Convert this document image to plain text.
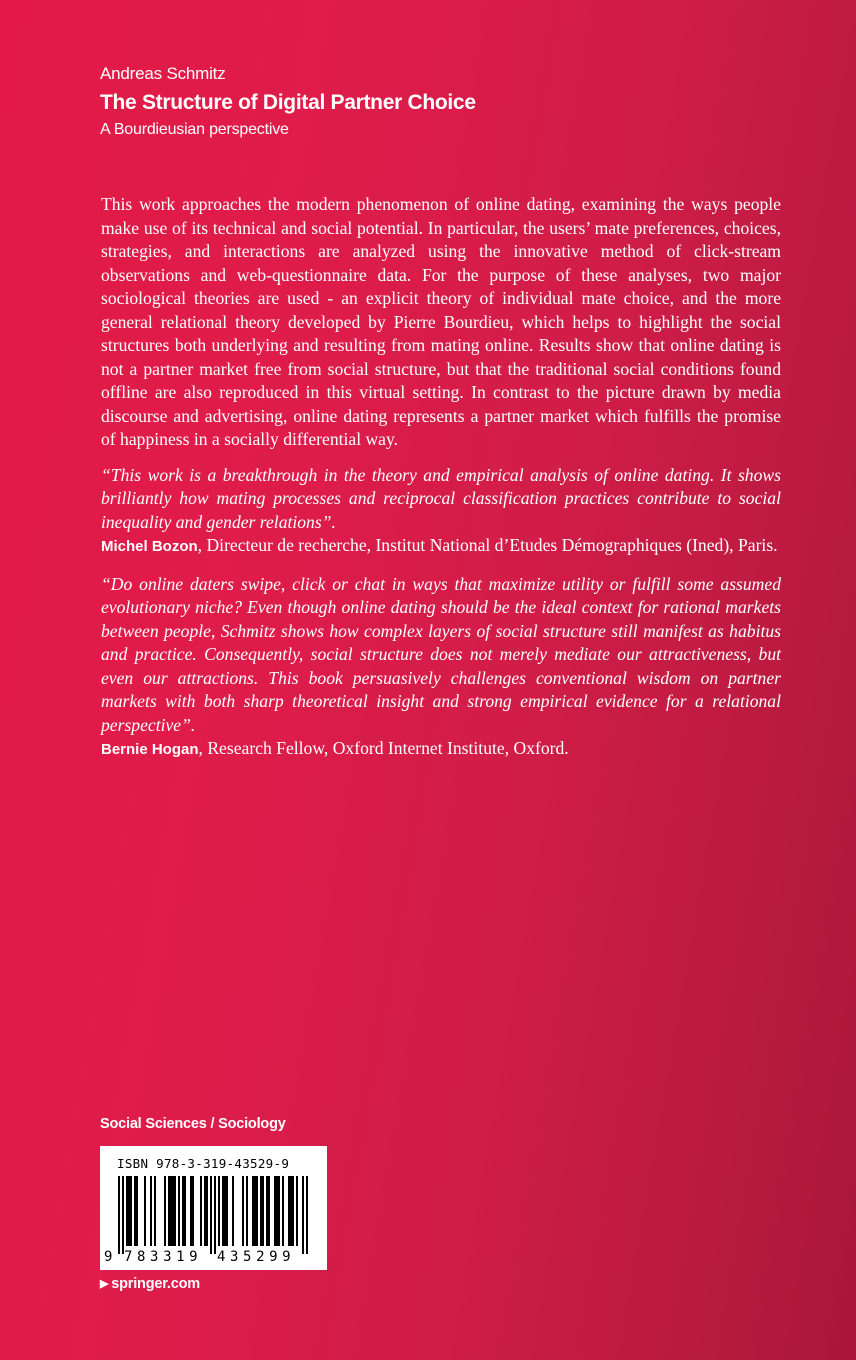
Andreas Schmitz
The Structure of Digital Partner Choice
A Bourdieusian perspective

This work approaches the modern phenomenon of online dating, examining the ways people make use of its technical and social potential. In particular, the users’ mate preferences, choices, strategies, and interactions are analyzed using the innovative method of click-stream observations and web-questionnaire data. For the purpose of these analyses, two major sociological theories are used - an explicit theory of individual mate choice, and the more general relational theory developed by Pierre Bourdieu, which helps to highlight the social structures both underlying and resulting from mating online. Results show that online dating is not a partner market free from social structure, but that the traditional social conditions found offline are also reproduced in this virtual setting. In contrast to the picture drawn by media discourse and advertising, online dating represents a partner market which fulfills the promise of happiness in a socially differential way.

“This work is a breakthrough in the theory and empirical analysis of online dating. It shows brilliantly how mating processes and reciprocal classification practices contribute to social inequality and gender relations”.

Michel Bozon, Directeur de recherche, Institut National d’Etudes Démographiques (Ined), Paris.

“Do online daters swipe, click or chat in ways that maximize utility or fulfill some assumed evolutionary niche? Even though online dating should be the ideal context for rational markets between people, Schmitz shows how complex layers of social structure still manifest as habitus and practice. Consequently, social structure does not merely mediate our attractiveness, but even our attractions. This book persuasively challenges conventional wisdom on partner markets with both sharp theoretical insight and strong empirical evidence for a relational perspective”.

Bernie Hogan, Research Fellow, Oxford Internet Institute, Oxford.

Social Sciences / Sociology
ISBN 978-3-319-43529-9
9 783319 435299
▶ springer.com
